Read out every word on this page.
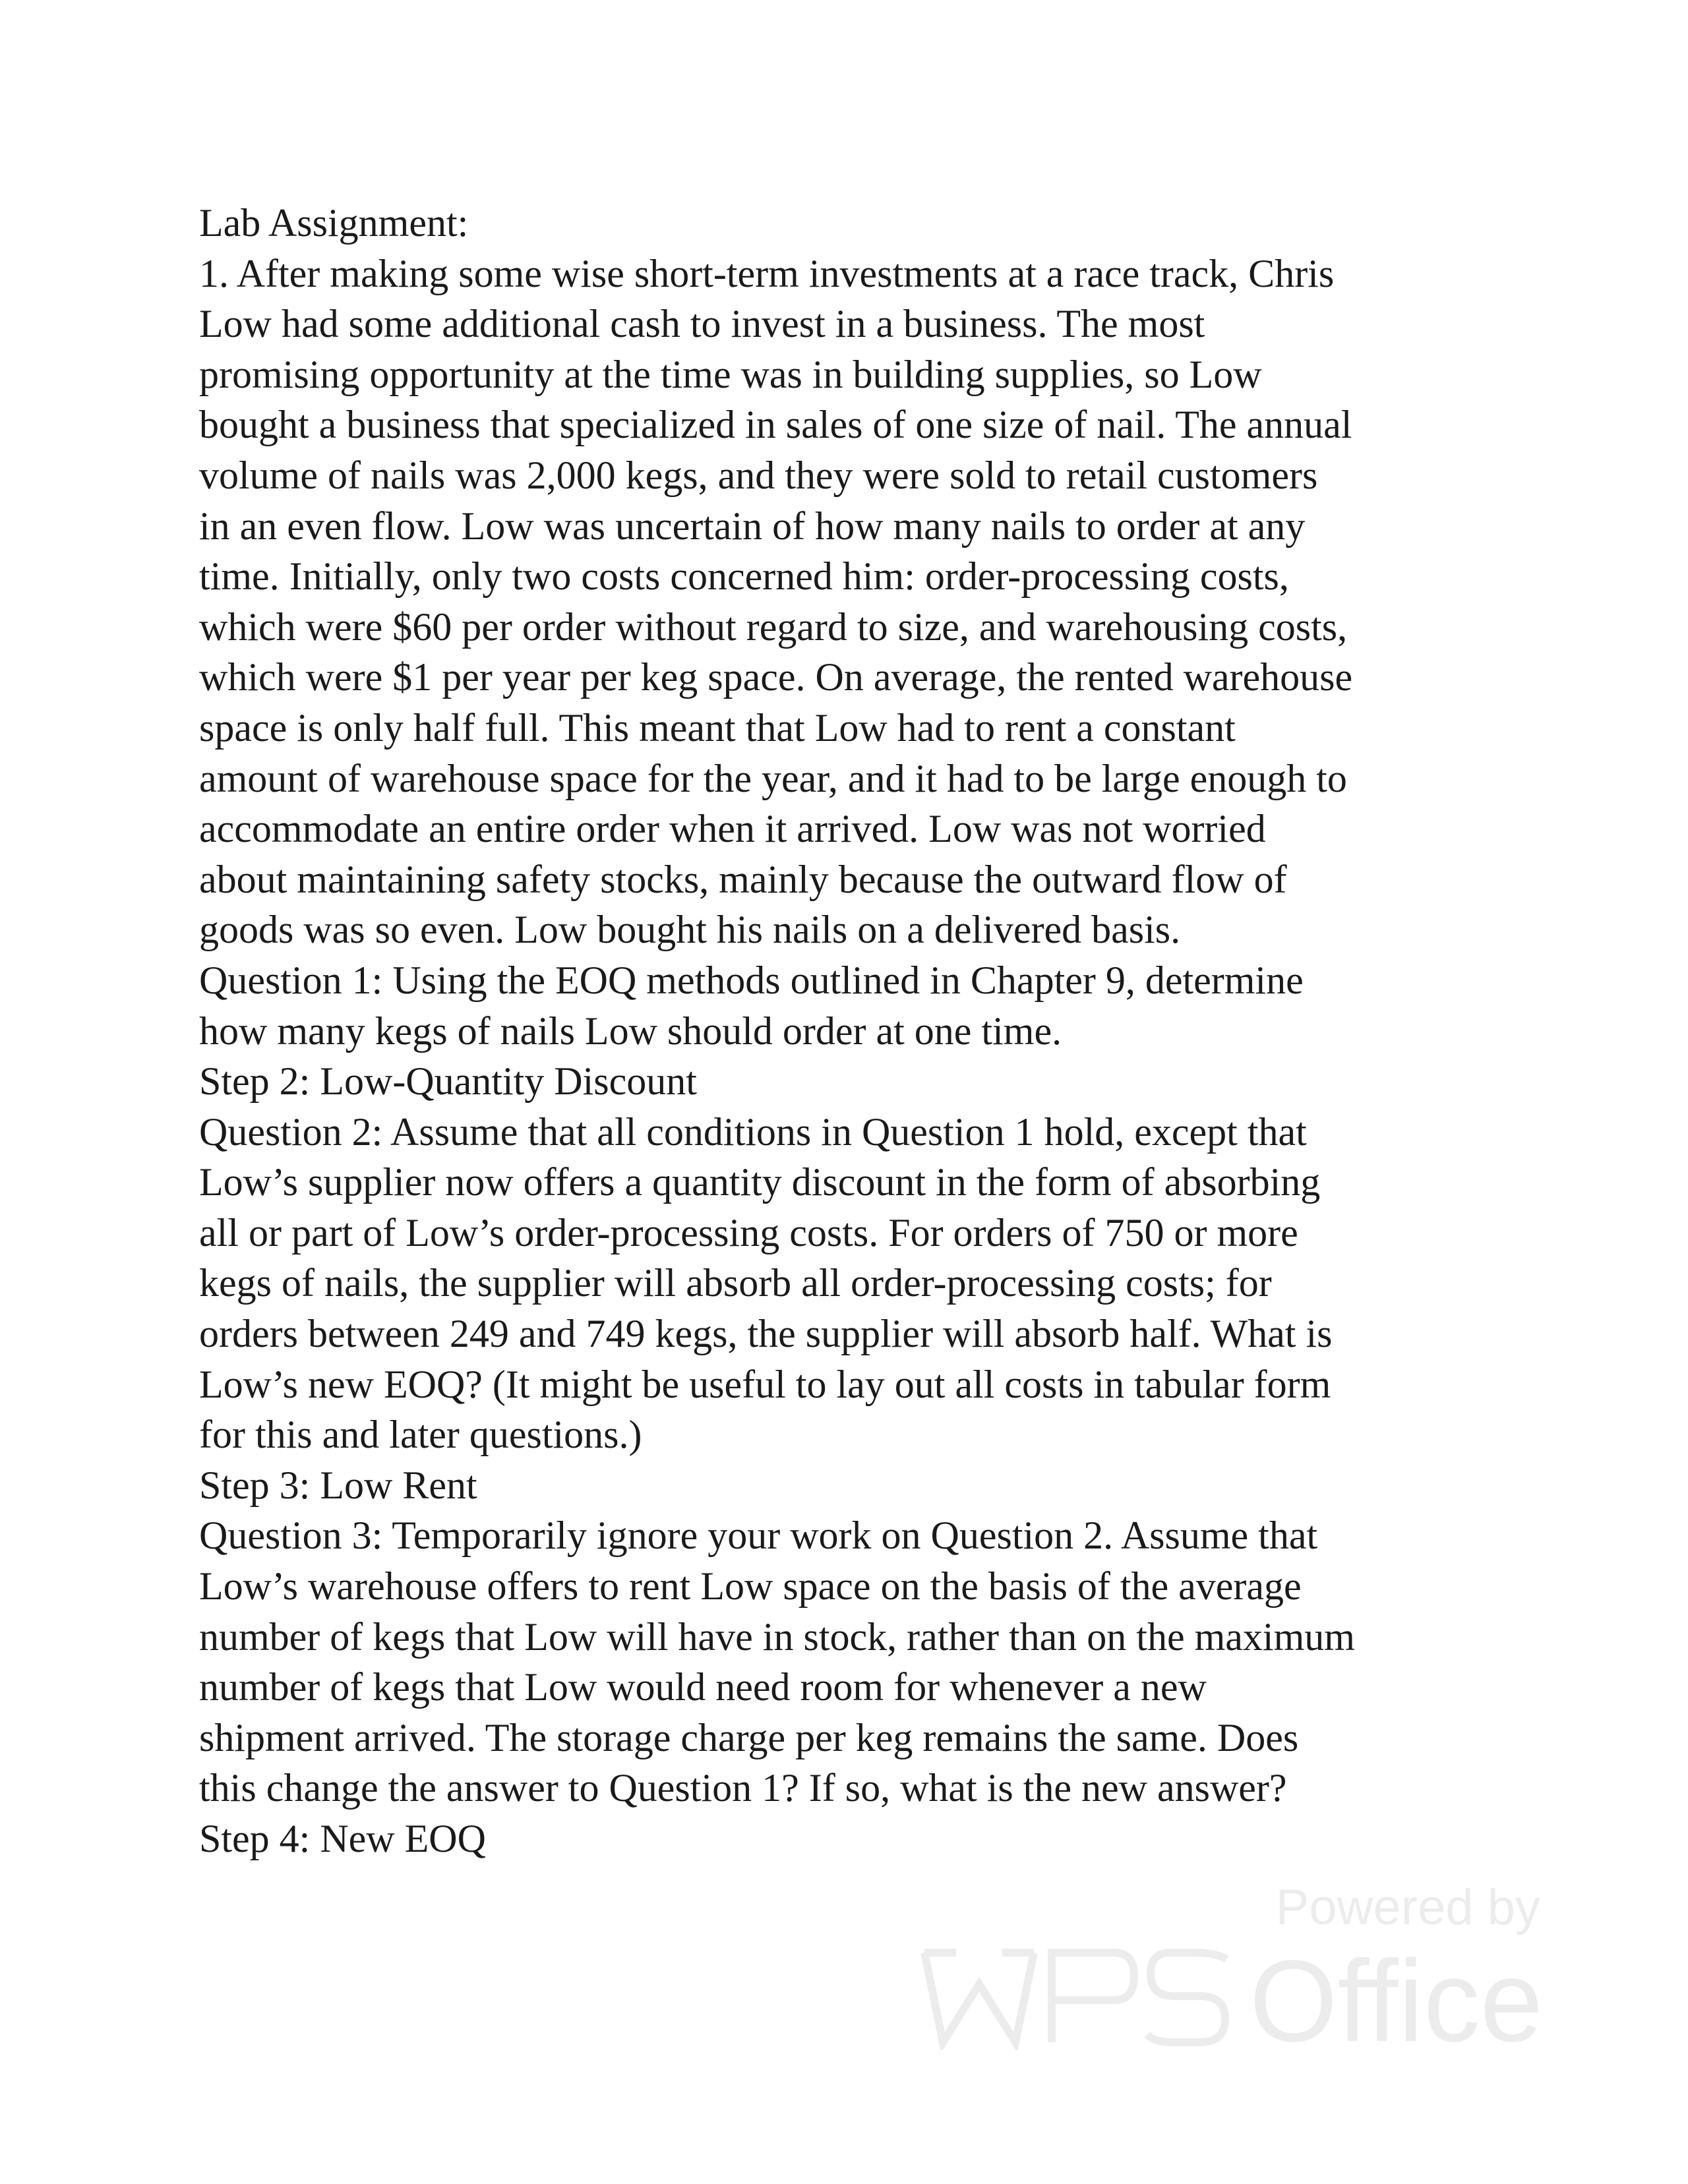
Lab Assignment:
1. After making some wise short-term investments at a race track, Chris
Low had some additional cash to invest in a business. The most
promising opportunity at the time was in building supplies, so Low
bought a business that specialized in sales of one size of nail. The annual
volume of nails was 2,000 kegs, and they were sold to retail customers
in an even flow. Low was uncertain of how many nails to order at any
time. Initially, only two costs concerned him: order-processing costs,
which were $60 per order without regard to size, and warehousing costs,
which were $1 per year per keg space. On average, the rented warehouse
space is only half full. This meant that Low had to rent a constant
amount of warehouse space for the year, and it had to be large enough to
accommodate an entire order when it arrived. Low was not worried
about maintaining safety stocks, mainly because the outward flow of
goods was so even. Low bought his nails on a delivered basis.
Question 1: Using the EOQ methods outlined in Chapter 9, determine
how many kegs of nails Low should order at one time.
Step 2: Low-Quantity Discount
Question 2: Assume that all conditions in Question 1 hold, except that
Low’s supplier now offers a quantity discount in the form of absorbing
all or part of Low’s order-processing costs. For orders of 750 or more
kegs of nails, the supplier will absorb all order-processing costs; for
orders between 249 and 749 kegs, the supplier will absorb half. What is
Low’s new EOQ? (It might be useful to lay out all costs in tabular form
for this and later questions.)
Step 3: Low Rent
Question 3: Temporarily ignore your work on Question 2. Assume that
Low’s warehouse offers to rent Low space on the basis of the average
number of kegs that Low will have in stock, rather than on the maximum
number of kegs that Low would need room for whenever a new
shipment arrived. The storage charge per keg remains the same. Does
this change the answer to Question 1? If so, what is the new answer?
Step 4: New EOQ
Powered by
Office
